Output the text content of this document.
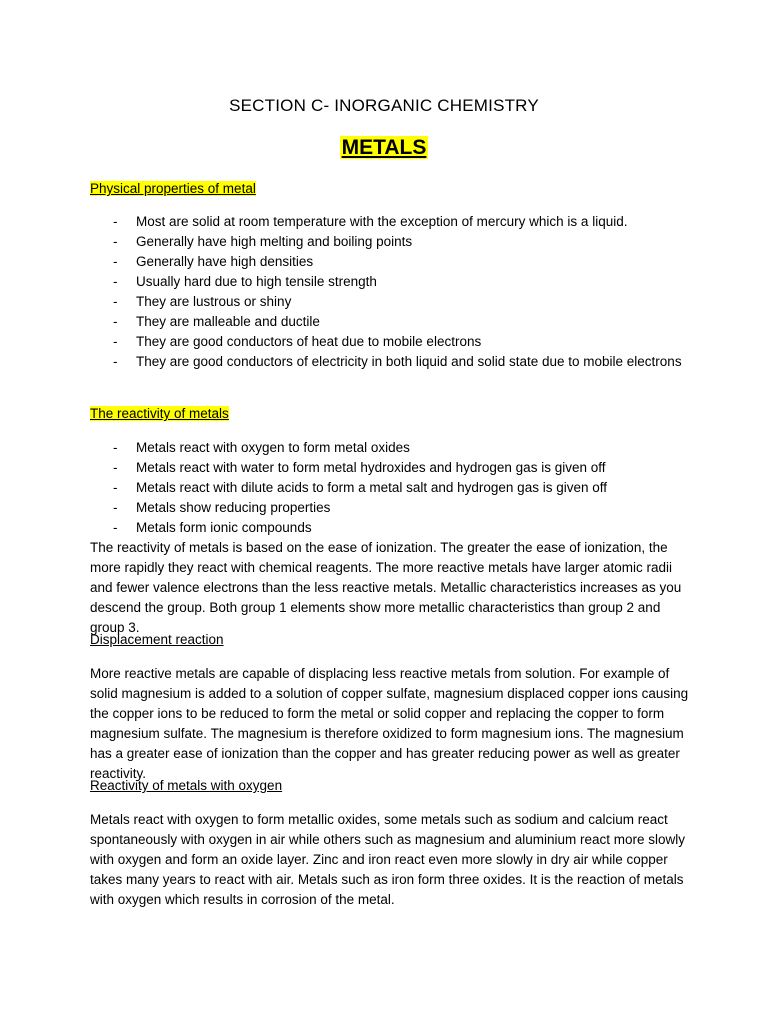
SECTION C- INORGANIC CHEMISTRY
METALS
Physical properties of metal
- Most are solid at room temperature with the exception of mercury which is a liquid.
- Generally have high melting and boiling points
- Generally have high densities
- Usually hard due to high tensile strength
- They are lustrous or shiny
- They are malleable and ductile
- They are good conductors of heat due to mobile electrons
- They are good conductors of electricity in both liquid and solid state due to mobile electrons
The reactivity of metals
- Metals react with oxygen to form metal oxides
- Metals react with water to form metal hydroxides and hydrogen gas is given off
- Metals react with dilute acids to form a metal salt and hydrogen gas is given off
- Metals show reducing properties
- Metals form ionic compounds

The reactivity of metals is based on the ease of ionization. The greater the ease of ionization, the more rapidly they react with chemical reagents. The more reactive metals have larger atomic radii and fewer valence electrons than the less reactive metals. Metallic characteristics increases as you descend the group. Both group 1 elements show more metallic characteristics than group 2 and group 3.

Displacement reaction

More reactive metals are capable of displacing less reactive metals from solution. For example of solid magnesium is added to a solution of copper sulfate, magnesium displaced copper ions causing the copper ions to be reduced to form the metal or solid copper and replacing the copper to form magnesium sulfate. The magnesium is therefore oxidized to form magnesium ions. The magnesium has a greater ease of ionization than the copper and has greater reducing power as well as greater reactivity.

Reactivity of metals with oxygen

Metals react with oxygen to form metallic oxides, some metals such as sodium and calcium react spontaneously with oxygen in air while others such as magnesium and aluminium react more slowly with oxygen and form an oxide layer. Zinc and iron react even more slowly in dry air while copper takes many years to react with air. Metals such as iron form three oxides. It is the reaction of metals with oxygen which results in corrosion of the metal.
